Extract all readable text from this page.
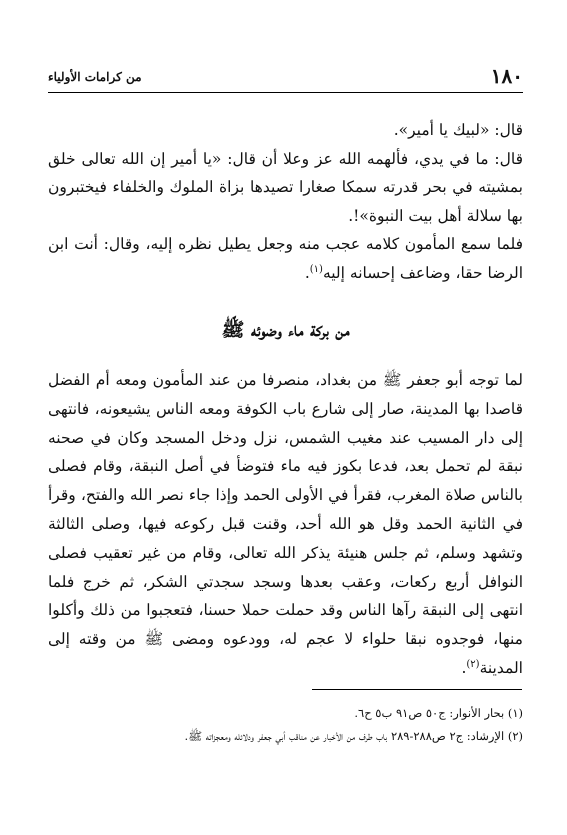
١٨٠
من كرامات الأولياء

قال: «لبيك يا أمير».

قال: ما في يدي، فألهمه الله عز وعلا أن قال: «يا أمير إن الله تعالى خلق بمشيته في بحر قدرته سمكا صغارا تصيدها بزاة الملوك والخلفاء فيختبرون بها سلالة أهل بيت النبوة»!.

فلما سمع المأمون كلامه عجب منه وجعل يطيل نظره إليه، وقال: أنت ابن الرضا حقا، وضاعف إحسانه إليه$^{(١)}$.

من بركة ماء وضوئه ﷺ

لما توجه أبو جعفر ﷺ من بغداد، منصرفا من عند المأمون ومعه أم الفضل قاصدا بها المدينة، صار إلى شارع باب الكوفة ومعه الناس يشيعونه، فانتهى إلى دار المسيب عند مغيب الشمس، نزل ودخل المسجد وكان في صحنه نبقة لم تحمل بعد، فدعا بكوز فيه ماء فتوضأ في أصل النبقة، وقام فصلى بالناس صلاة المغرب، فقرأ في الأولى الحمد وإذا جاء نصر الله والفتح، وقرأ في الثانية الحمد وقل هو الله أحد، وقنت قبل ركوعه فيها، وصلى الثالثة وتشهد وسلم، ثم جلس هنيئة يذكر الله تعالى، وقام من غير تعقيب فصلى النوافل أربع ركعات، وعقب بعدها وسجد سجدتي الشكر، ثم خرج فلما انتهى إلى النبقة رآها الناس وقد حملت حملا حسنا، فتعجبوا من ذلك وأكلوا منها، فوجدوه نبقا حلواء لا عجم له، وودعوه ومضى ﷺ من وقته إلى المدينة$^{(٢)}$.

(١) بحار الأنوار: ج٥٠ ص٩١ ب٥ ح٦.

(٢) الإرشاد: ج٢ ص٢٨٨-٢٨٩ باب طرف من الأخبار عن مناقب أبي جعفر ودلائله ومعجزاته ﷺ.
